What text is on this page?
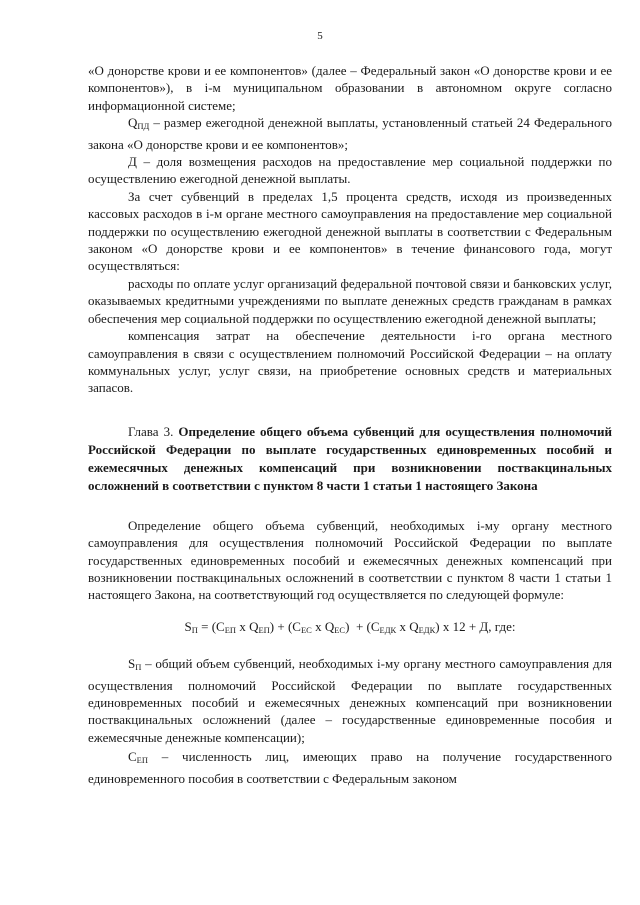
5

«О донорстве крови и ее компонентов» (далее – Федеральный закон «О донорстве крови и ее компонентов»), в i-м муниципальном образовании в автономном округе согласно информационной системе;

$Q_{ПД}$ – размер ежегодной денежной выплаты, установленный статьей 24 Федерального закона «О донорстве крови и ее компонентов»;

Д – доля возмещения расходов на предоставление мер социальной поддержки по осуществлению ежегодной денежной выплаты.

За счет субвенций в пределах 1,5 процента средств, исходя из произведенных кассовых расходов в i-м органе местного самоуправления на предоставление мер социальной поддержки по осуществлению ежегодной денежной выплаты в соответствии с Федеральным законом «О донорстве крови и ее компонентов» в течение финансового года, могут осуществляться:

расходы по оплате услуг организаций федеральной почтовой связи и банковских услуг, оказываемых кредитными учреждениями по выплате денежных средств гражданам в рамках обеспечения мер социальной поддержки по осуществлению ежегодной денежной выплаты;

компенсация затрат на обеспечение деятельности i-го органа местного самоуправления в связи с осуществлением полномочий Российской Федерации – на оплату коммунальных услуг, услуг связи, на приобретение основных средств и материальных запасов.

Глава 3. Определение общего объема субвенций для осуществления полномочий Российской Федерации по выплате государственных единовременных пособий и ежемесячных денежных компенсаций при возникновении поствакцинальных осложнений в соответствии с пунктом 8 части 1 статьи 1 настоящего Закона

Определение общего объема субвенций, необходимых i-му органу местного самоуправления для осуществления полномочий Российской Федерации по выплате государственных единовременных пособий и ежемесячных денежных компенсаций при возникновении поствакцинальных осложнений в соответствии с пунктом 8 части 1 статьи 1 настоящего Закона, на соответствующий год осуществляется по следующей формуле:

$S_П = (C_{ЕП}$ x $Q_{ЕП}) + (C_{ЕС}$ x $Q_{ЕС}) + (C_{ЕДК}$ x $Q_{ЕДК}$) x 12 + Д, где:

$S_П$ – общий объем субвенций, необходимых i-му органу местного самоуправления для осуществления полномочий Российской Федерации по выплате государственных единовременных пособий и ежемесячных денежных компенсаций при возникновении поствакцинальных осложнений (далее – государственные единовременные пособия и ежемесячные денежные компенсации);

$C_{ЕП}$ – численность лиц, имеющих право на получение государственного единовременного пособия в соответствии с Федеральным законом
